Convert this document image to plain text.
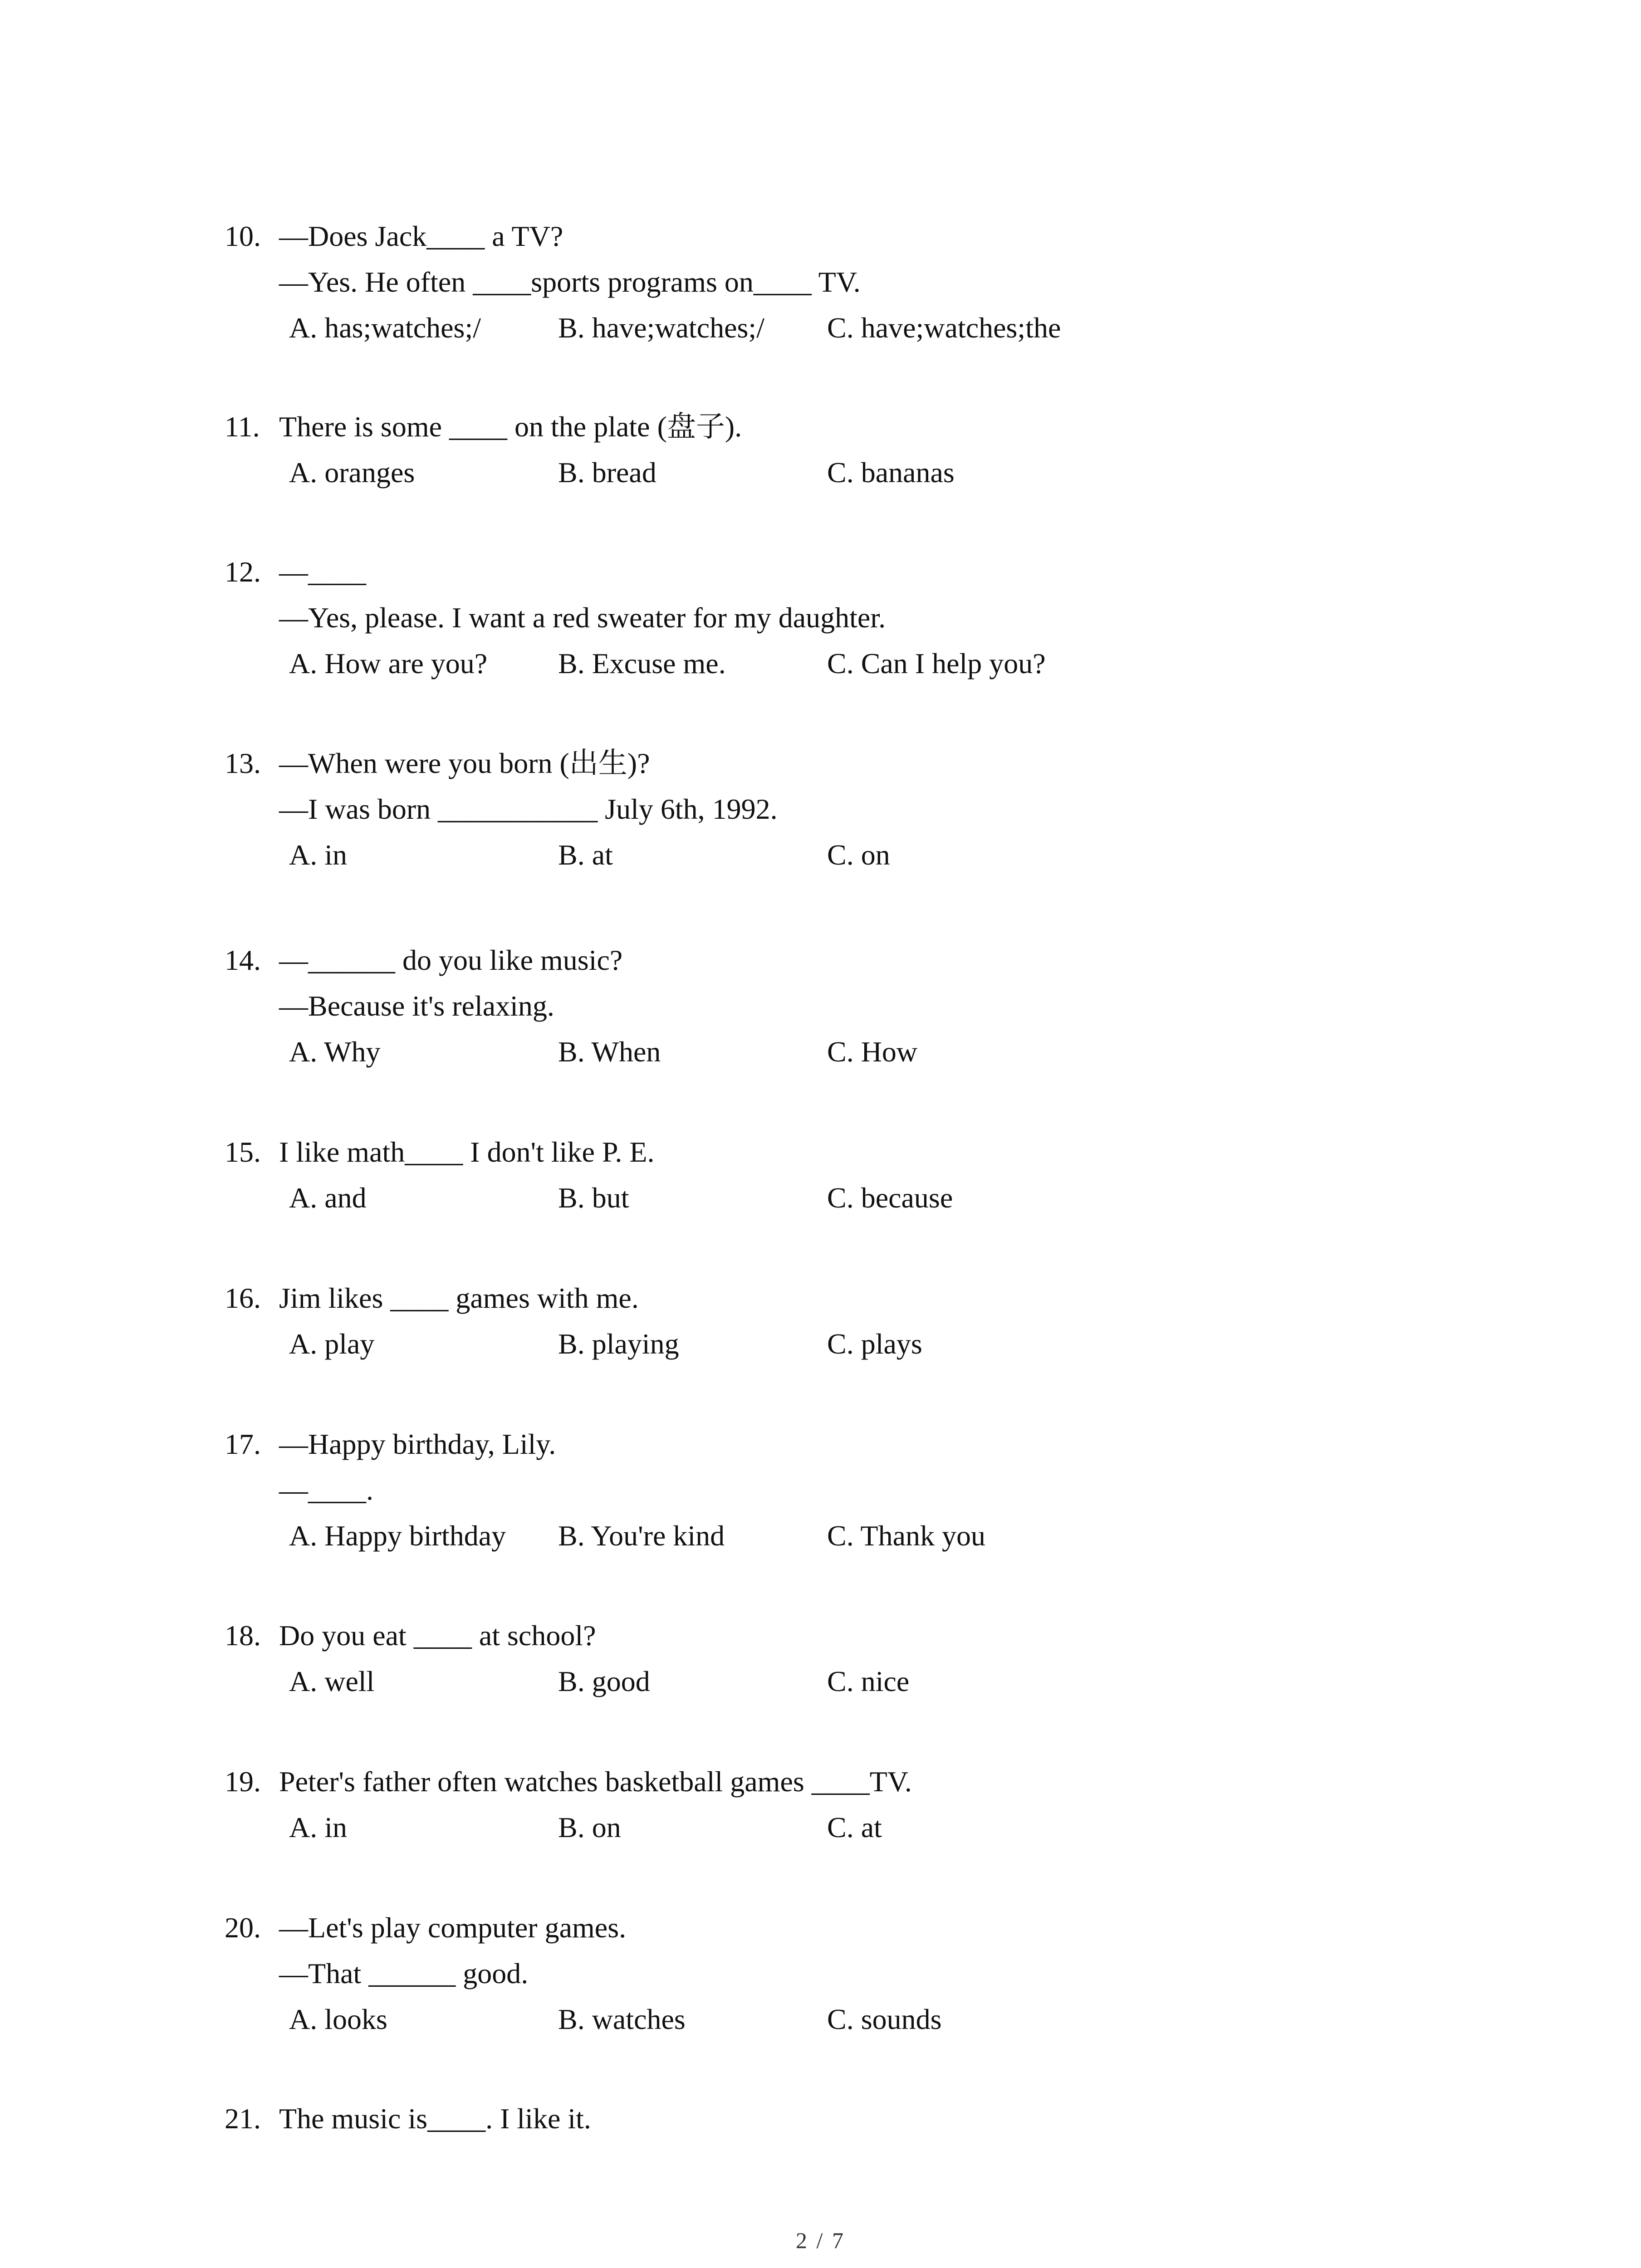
10. —Does Jack____ a TV?
—Yes. He often ____sports programs on____ TV.
A. has;watches;/	B. have;watches;/	C. have;watches;the
11. There is some ____ on the plate (盘子).
A. oranges	B. bread	C. bananas
12. —____
—Yes, please. I want a red sweater for my daughter.
A. How are you?	B. Excuse me.	C. Can I help you?
13. —When were you born (出生)?
—I was born ___________ July 6th, 1992.
A. in	B. at	C. on
14. —______ do you like music?
—Because it's relaxing.
A. Why	B. When	C. How
15. I like math____ I don't like P. E.
A. and	B. but	C. because
16. Jim likes ____ games with me.
A. play	B. playing	C. plays
17. —Happy birthday, Lily.
—____.
A. Happy birthday	B. You're kind	C. Thank you
18. Do you eat ____ at school?
A. well	B. good	C. nice
19. Peter's father often watches basketball games ____TV.
A. in	B. on	C. at
20. —Let's play computer games.
—That ______ good.
A. looks	B. watches	C. sounds
21. The music is____. I like it.
2 / 7
